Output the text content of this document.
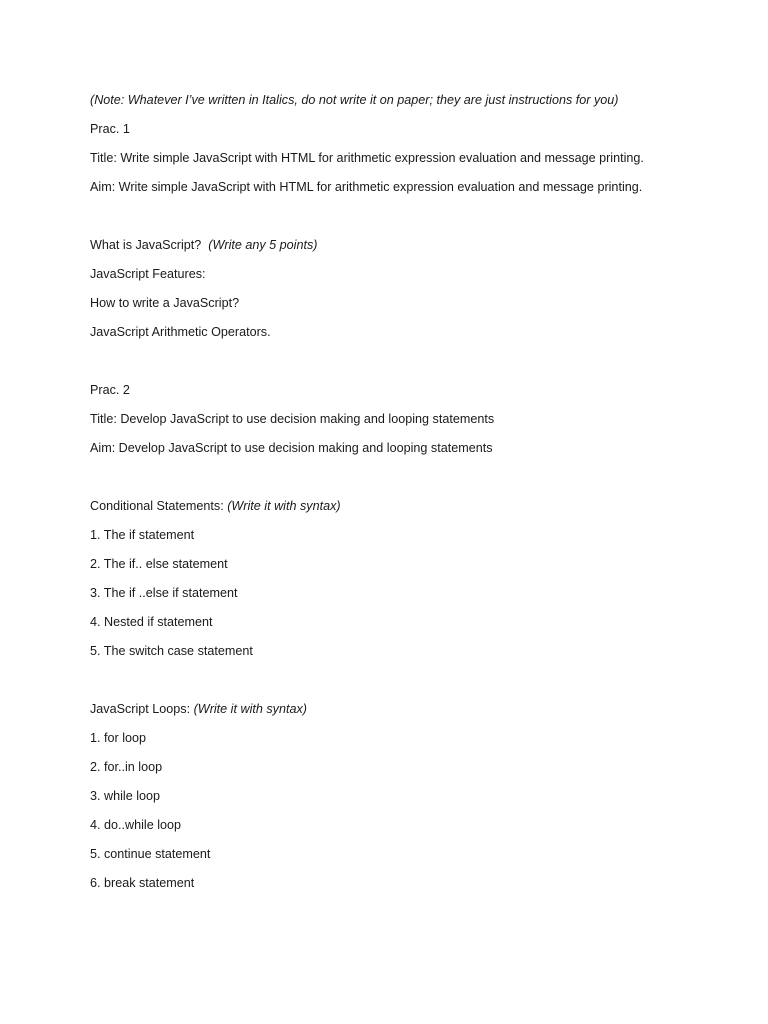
(Note: Whatever I’ve written in Italics, do not write it on paper; they are just instructions for you)
Prac. 1
Title: Write simple JavaScript with HTML for arithmetic expression evaluation and message printing.
Aim: Write simple JavaScript with HTML for arithmetic expression evaluation and message printing.
What is JavaScript? (Write any 5 points)
JavaScript Features:
How to write a JavaScript?
JavaScript Arithmetic Operators.
Prac. 2
Title: Develop JavaScript to use decision making and looping statements
Aim: Develop JavaScript to use decision making and looping statements
Conditional Statements: (Write it with syntax)
1. The if statement
2. The if.. else statement
3. The if ..else if statement
4. Nested if statement
5. The switch case statement
JavaScript Loops: (Write it with syntax)
1. for loop
2. for..in loop
3. while loop
4. do..while loop
5. continue statement
6. break statement
